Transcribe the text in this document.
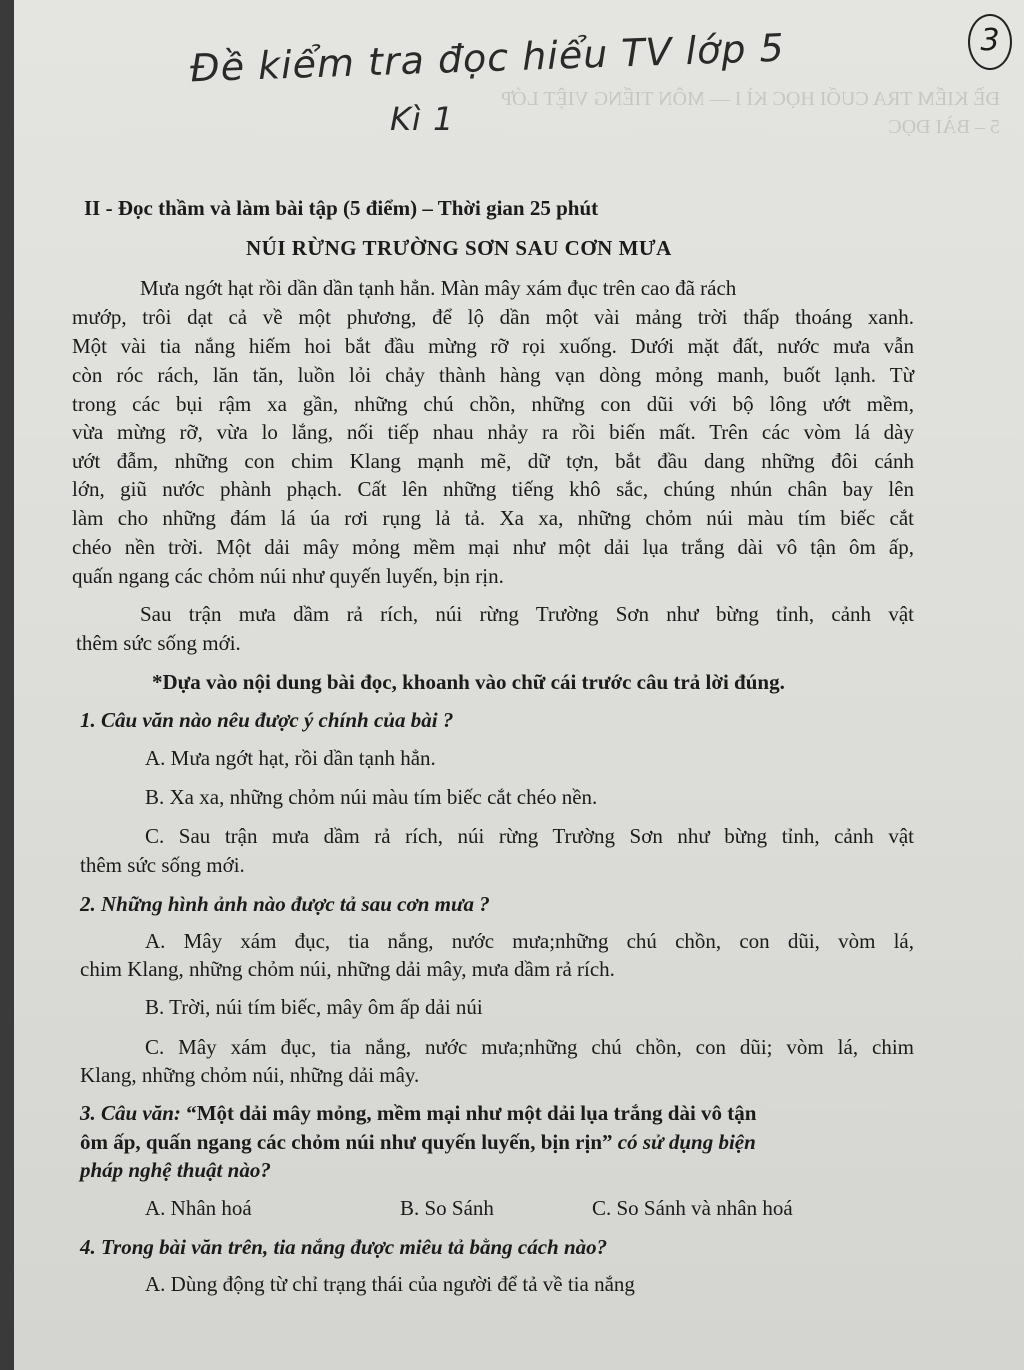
ĐỀ KIỂM TRA CUỐI HỌC KÌ I — MÔN TIẾNG VIỆT LỚP 5 – BÀI ĐỌC
Đề kiểm tra đọc hiểu TV lớp 5
Kì 1
3
II - Đọc thầm và làm bài tập (5 điểm) – Thời gian 25 phút
NÚI RỪNG TRƯỜNG SƠN SAU CƠN MƯA
Mưa ngớt hạt rồi dần dần tạnh hẳn. Màn mây xám đục trên cao đã rách
mướp, trôi dạt cả về một phương, để lộ dần một vài mảng trời thấp thoáng xanh.
Một vài tia nắng hiếm hoi bắt đầu mừng rỡ rọi xuống. Dưới mặt đất, nước mưa vẫn
còn róc rách, lăn tăn, luồn lỏi chảy thành hàng vạn dòng mỏng manh, buốt lạnh. Từ
trong các bụi rậm xa gần, những chú chồn, những con dũi với bộ lông ướt mềm,
vừa mừng rỡ, vừa lo lắng, nối tiếp nhau nhảy ra rồi biến mất. Trên các vòm lá dày
ướt đẫm, những con chim Klang mạnh mẽ, dữ tợn, bắt đầu dang những đôi cánh
lớn, giũ nước phành phạch. Cất lên những tiếng khô sắc, chúng nhún chân bay lên
làm cho những đám lá úa rơi rụng lả tả. Xa xa, những chỏm núi màu tím biếc cắt
chéo nền trời. Một dải mây mỏng mềm mại như một dải lụa trắng dài vô tận ôm ấp,
quấn ngang các chỏm núi như quyến luyến, bịn rịn.
Sau trận mưa dầm rả rích, núi rừng Trường Sơn như bừng tỉnh, cảnh vật
thêm sức sống mới.
*Dựa vào nội dung bài đọc, khoanh vào chữ cái trước câu trả lời đúng.
1. Câu văn nào nêu được ý chính của bài ?
A. Mưa ngớt hạt, rồi dần tạnh hẳn.
B. Xa xa, những chỏm núi màu tím biếc cắt chéo nền.
C. Sau trận mưa dầm rả rích, núi rừng Trường Sơn như bừng tỉnh, cảnh vật
thêm sức sống mới.
2. Những hình ảnh nào được tả sau cơn mưa ?
A. Mây xám đục, tia nắng, nước mưa;những chú chồn, con dũi, vòm lá,
chim Klang, những chỏm núi, những dải mây, mưa dầm rả rích.
B. Trời, núi tím biếc, mây ôm ấp dải núi
C. Mây xám đục, tia nắng, nước mưa;những chú chồn, con dũi; vòm lá, chim
Klang, những chỏm núi, những dải mây.
3. Câu văn: “Một dải mây mỏng, mềm mại như một dải lụa trắng dài vô tận
ôm ấp, quấn ngang các chỏm núi như quyến luyến, bịn rịn” có sử dụng biện
pháp nghệ thuật nào?
A. Nhân hoá	B. So Sánh	C. So Sánh và nhân hoá
4. Trong bài văn trên, tia nắng được miêu tả bằng cách nào?
A. Dùng động từ chỉ trạng thái của người để tả về tia nắng
